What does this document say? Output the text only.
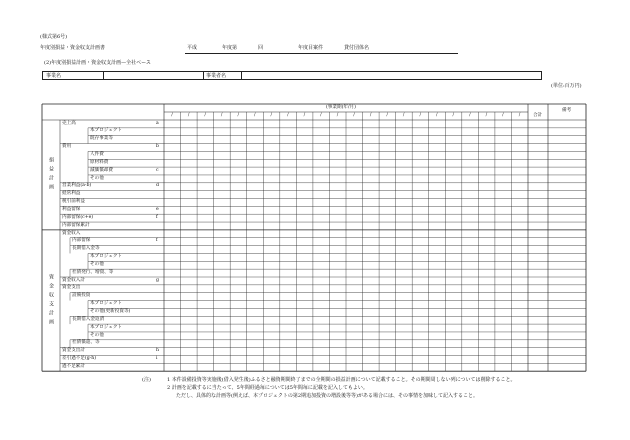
(様式第6号)
年度別損益・資金収支計画書	平成	年度第	回	年度目案件	貸付団体名
(2)年度別損益計画・資金収支計画—全社ベース
事業名	事業者名
(単位:百万円)
(事業期(年/月)
/	/	/	/	/	/	/	/	/	/	/	/	/	/	/	/	/	/	/	/	/	/	合計
備考
売上高	a
本プロジェクト
既存事業等
費用	b
人件費
原材料費
減価償却費	c
その他
営業利益(a-b)	d
経常利益
税引前利益
利益留保	e
内部留保(c+e)	f
内部留保累計
資金収入
内部留保	f
長期借入金等
本プロジェクト
その他
社債発行、増資、等
資金収入計	g
資金支出
設備投資
本プロジェクト
その他(更新投資等)
長期借入金返済
本プロジェクト
その他
社債償還、等
資金支出計	h
差引過不足(g-h)	i
過不足累計
損益計画
資金収支計画
(注)	1 本件設備投資等実施後(借入発生後)ふるさと融資期間終了までの全期間の損益計画について記載すること。その期間周しない列については削除すること。
2 計画を記載するに当たって、5年間経過毎については5年間毎に記載を記入してもよい。
ただし、具体的な計画等(例えば、本プロジェクトの第2期追加投資の増設後等等)がある場合には、その事情を加味して記入すること。
